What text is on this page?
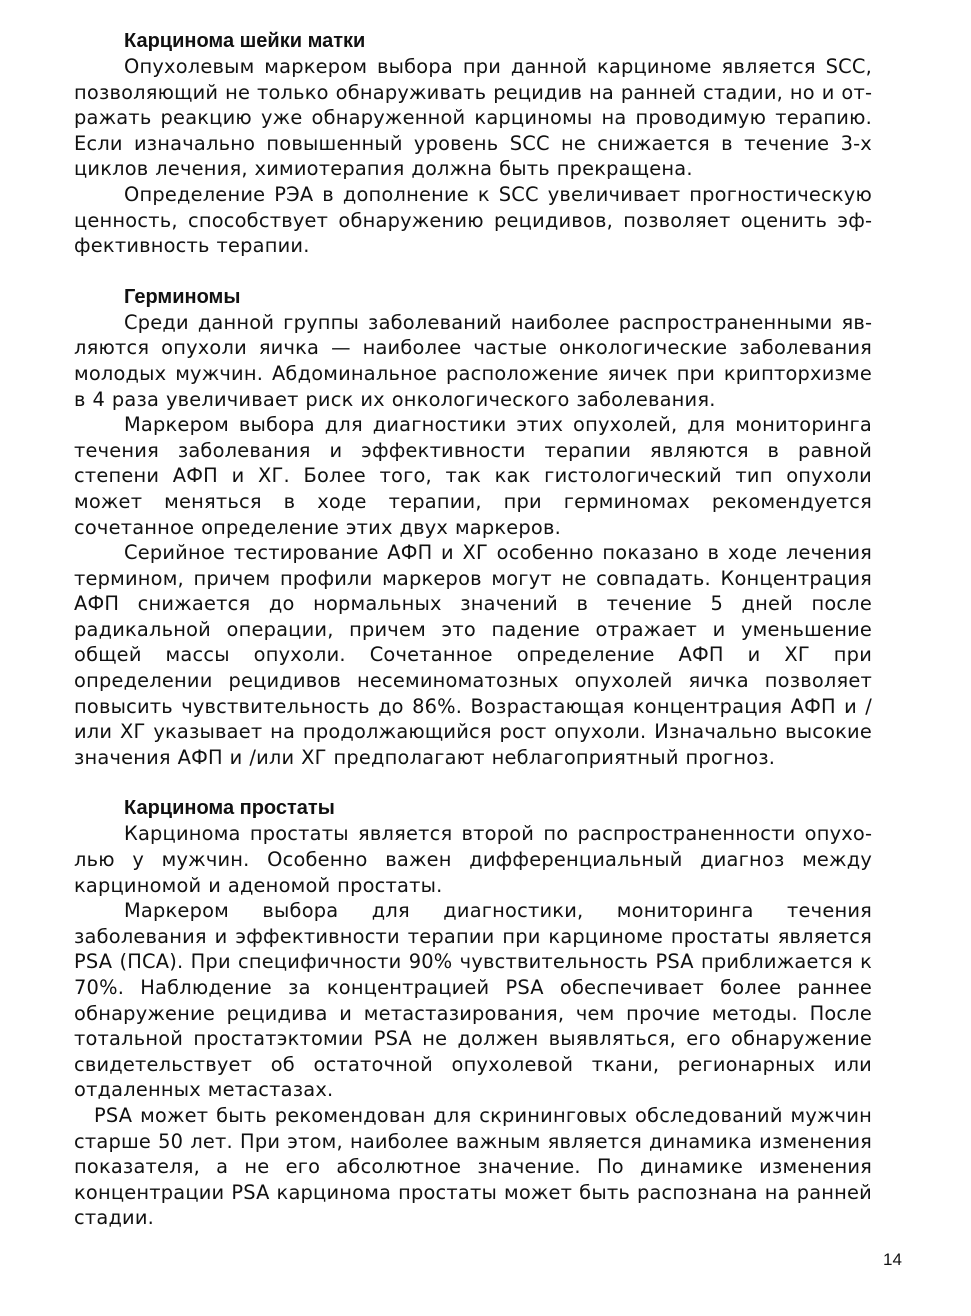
Карцинома шейки матки

Опухолевым маркером выбора при данной карциноме является SCC, позволяющий не только обнаруживать рецидив на ранней стадии, но и отражать реакцию уже обнаруженной карциномы на проводимую терапию. Если изначально повышенный уровень SCC не снижается в течение 3-х циклов лечения, химиотерапия должна быть прекращена.

Определение РЭА в дополнение к SCC увеличивает прогностическую ценность, способствует обнаружению рецидивов, позволяет оценить эффективность терапии.

Герминомы

Среди данной группы заболеваний наиболее распространенными являются опухоли яичка — наиболее частые онкологические заболевания молодых мужчин. Абдоминальное расположение яичек при крипторхизме в 4 раза увеличивает риск их онкологического заболевания.

Маркером выбора для диагностики этих опухолей, для мониторинга течения заболевания и эффективности терапии являются в равной степени АФП и ХГ. Более того, так как гистологический тип опухоли может меняться в ходе терапии, при герминомах рекомендуется сочетанное определение этих двух маркеров.

Серийное тестирование АФП и ХГ особенно показано в ходе лечения термином, причем профили маркеров могут не совпадать. Концентрация АФП снижается до нормальных значений в течение 5 дней после радикальной операции, причем это падение отражает и уменьшение общей массы опухоли. Сочетанное определение АФП и ХГ при определении рецидивов несеминоматозных опухолей яичка позволяет повысить чувствительность до 86%. Возрастающая концентрация АФП и /или ХГ указывает на продолжающийся рост опухоли. Изначально высокие значения АФП и /или ХГ предполагают неблагоприятный прогноз.

Карцинома простаты

Карцинома простаты является второй по распространенности опухолью у мужчин. Особенно важен дифференциальный диагноз между карциномой и аденомой простаты.

Маркером выбора для диагностики, мониторинга течения заболевания и эффективности терапии при карциноме простаты является PSA (ПСА). При специфичности 90% чувствительность PSA приближается к 70%. Наблюдение за концентрацией PSA обеспечивает более раннее обнаружение рецидива и метастазирования, чем прочие методы. После тотальной простатэктомии PSA не должен выявляться, его обнаружение свидетельствует об остаточной опухолевой ткани, регионарных или отдаленных метастазах.

PSA может быть рекомендован для скрининговых обследований мужчин старше 50 лет. При этом, наиболее важным является динамика изменения показателя, а не его абсолютное значение. По динамике изменения концентрации PSA карцинома простаты может быть распознана на ранней стадии.

14
